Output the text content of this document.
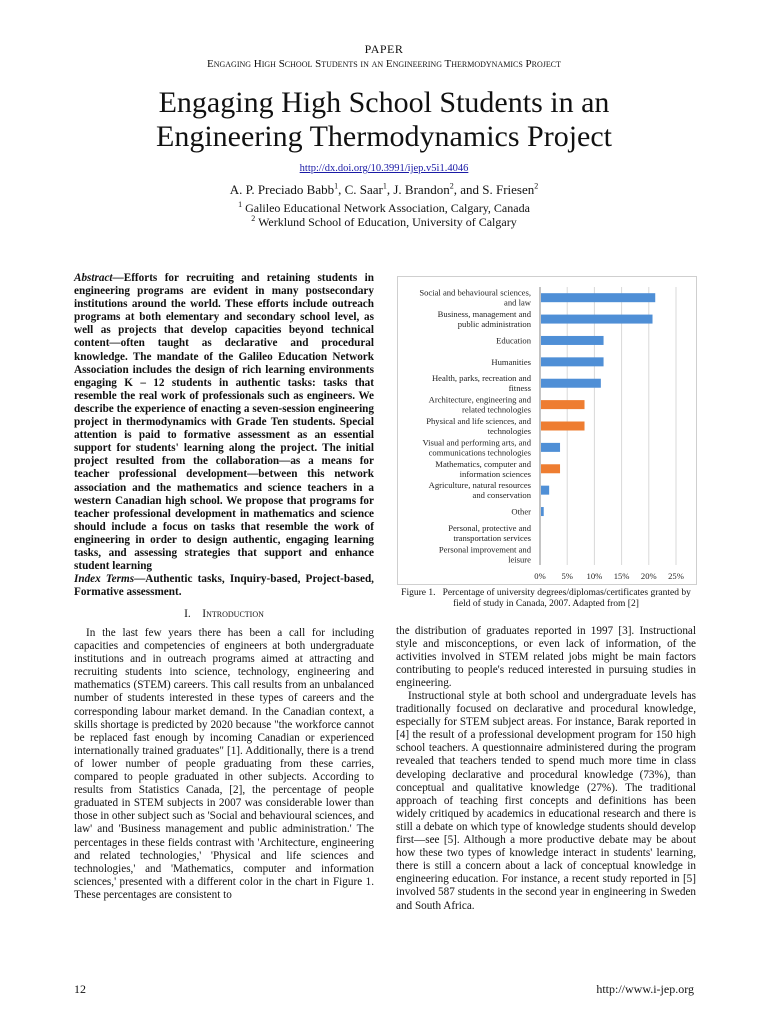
PAPER
Engaging High School Students in an Engineering Thermodynamics Project
Engaging High School Students in an
Engineering Thermodynamics Project
http://dx.doi.org/10.3991/ijep.v5i1.4046
A. P. Preciado Babb$^1$, C. Saar$^1$, J. Brandon$^2$, and S. Friesen$^2$
$^1$ Galileo Educational Network Association, Calgary, Canada
$^2$ Werklund School of Education, University of Calgary
Abstract—Efforts for recruiting and retaining students in engineering programs are evident in many postsecondary institutions around the world. These efforts include outreach programs at both elementary and secondary school level, as well as projects that develop capacities beyond technical content—often taught as declarative and procedural knowledge. The mandate of the Galileo Education Network Association includes the design of rich learning environments engaging K – 12 students in authentic tasks: tasks that resemble the real work of professionals such as engineers. We describe the experience of enacting a seven-session engineering project in thermodynamics with Grade Ten students. Special attention is paid to formative assessment as an essential support for students' learning along the project. The initial project resulted from the collaboration—as a means for teacher professional development—between this network association and the mathematics and science teachers in a western Canadian high school. We propose that programs for teacher professional development in mathematics and science should include a focus on tasks that resemble the work of engineering in order to design authentic, engaging learning tasks, and assessing strategies that support and enhance student learning
Index Terms—Authentic tasks, Inquiry-based, Project-based, Formative assessment.
I.    Introduction
In the last few years there has been a call for including capacities and competencies of engineers at both undergraduate institutions and in outreach programs aimed at attracting and recruiting students into science, technology, engineering and mathematics (STEM) careers. This call results from an unbalanced number of students interested in these types of careers and the corresponding labour market demand. In the Canadian context, a skills shortage is predicted by 2020 because "the workforce cannot be replaced fast enough by incoming Canadian or experienced internationally trained graduates" [1]. Additionally, there is a trend of lower number of people graduating from these carries, compared to people graduated in other subjects. According to results from Statistics Canada, [2], the percentage of people graduated in STEM subjects in 2007 was considerable lower than those in other subject such as 'Social and behavioural sciences, and law' and 'Business management and public administration.' The percentages in these fields contrast with 'Architecture, engineering and related technologies,' 'Physical and life sciences and technologies,' and 'Mathematics, computer and information sciences,' presented with a different color in the chart in Figure 1. These percentages are consistent to
0% 5% 10% 15% 20% 25%
Social and behavioural sciences, and law
Business, management and public administration
Education
Humanities
Health, parks, recreation and fitness
Architecture, engineering and related technologies
Physical and life sciences, and technologies
Visual and performing arts, and communications technologies
Mathematics, computer and information sciences
Agriculture, natural resources and conservation
Other
Personal, protective and transportation services
Personal improvement and leisure
Figure 1.   Percentage of university degrees/diplomas/certificates granted by field of study in Canada, 2007. Adapted from [2]
the distribution of graduates reported in 1997 [3]. Instructional style and misconceptions, or even lack of information, of the activities involved in STEM related jobs might be main factors contributing to people's reduced interested in pursuing studies in engineering.
Instructional style at both school and undergraduate levels has traditionally focused on declarative and procedural knowledge, especially for STEM subject areas. For instance, Barak reported in [4] the result of a professional development program for 150 high school teachers. A questionnaire administered during the program revealed that teachers tended to spend much more time in class developing declarative and procedural knowledge (73%), than conceptual and qualitative knowledge (27%). The traditional approach of teaching first concepts and definitions has been widely critiqued by academics in educational research and there is still a debate on which type of knowledge students should develop first—see [5]. Although a more productive debate may be about how these two types of knowledge interact in students' learning, there is still a concern about a lack of conceptual knowledge in engineering education. For instance, a recent study reported in [5] involved 587 students in the second year in engineering in Sweden and South Africa.
12	http://www.i-jep.org
